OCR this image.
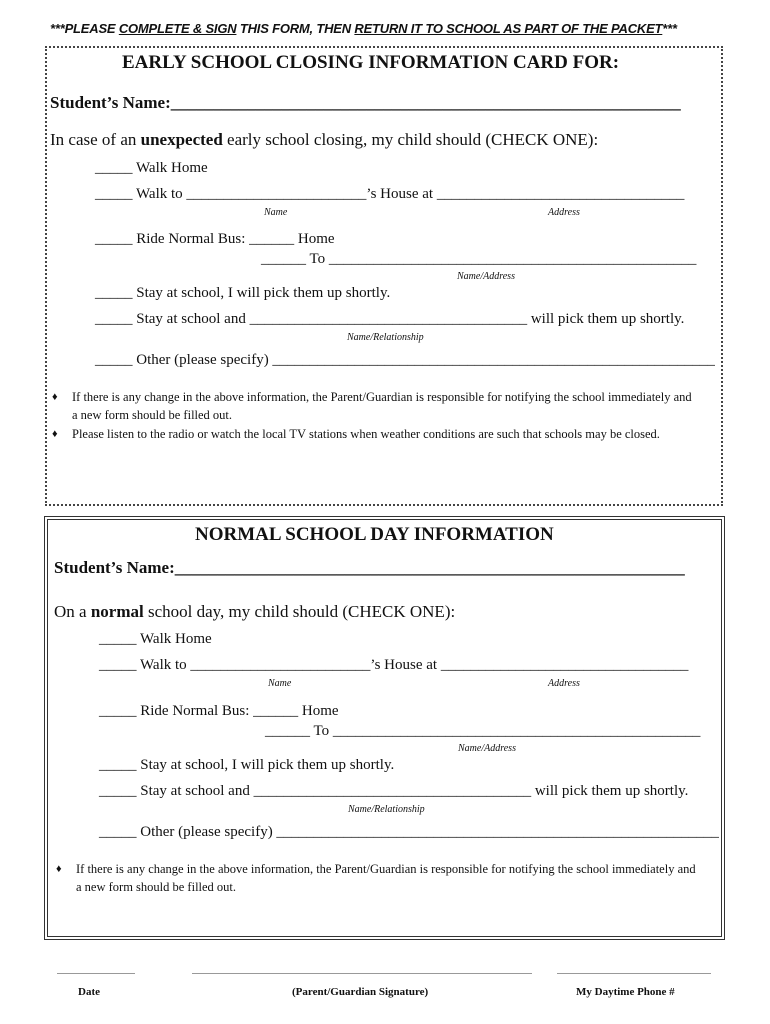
***PLEASE COMPLETE & SIGN THIS FORM, THEN RETURN IT TO SCHOOL AS PART OF THE PACKET***
EARLY SCHOOL CLOSING INFORMATION CARD FOR:
Student’s Name:____________________________________________________________
In case of an unexpected early school closing, my child should (CHECK ONE):
_____ Walk Home
_____ Walk to ________________________’s House at _________________________________
Name	Address
_____ Ride Normal Bus: ______ Home
______ To _________________________________________________
Name/Address
_____ Stay at school, I will pick them up shortly.
_____ Stay at school and _____________________________________ will pick them up shortly.
Name/Relationship
_____ Other (please specify) ___________________________________________________________
♦ If there is any change in the above information, the Parent/Guardian is responsible for notifying the school immediately and a new form should be filled out.
♦ Please listen to the radio or watch the local TV stations when weather conditions are such that schools may be closed.
NORMAL SCHOOL DAY INFORMATION
Student’s Name:____________________________________________________________
On a normal school day, my child should (CHECK ONE):
_____ Walk Home
_____ Walk to ________________________’s House at _________________________________
Name	Address
_____ Ride Normal Bus: ______ Home
______ To _________________________________________________
Name/Address
_____ Stay at school, I will pick them up shortly.
_____ Stay at school and _____________________________________ will pick them up shortly.
Name/Relationship
_____ Other (please specify) ___________________________________________________________
♦ If there is any change in the above information, the Parent/Guardian is responsible for notifying the school immediately and a new form should be filled out.
Date	(Parent/Guardian Signature)	My Daytime Phone #
